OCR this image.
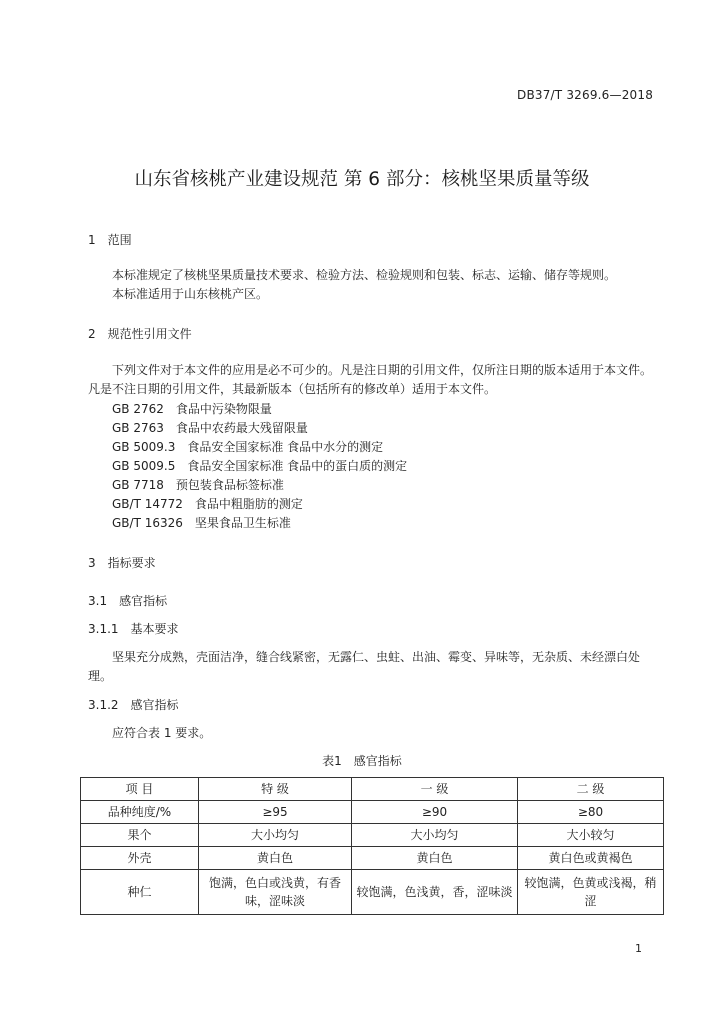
DB37/T 3269.6—2018
山东省核桃产业建设规范 第 6 部分：核桃坚果质量等级
1 范围
本标准规定了核桃坚果质量技术要求、检验方法、检验规则和包装、标志、运输、储存等规则。
本标准适用于山东核桃产区。
2 规范性引用文件
下列文件对于本文件的应用是必不可少的。凡是注日期的引用文件，仅所注日期的版本适用于本文件。凡是不注日期的引用文件，其最新版本（包括所有的修改单）适用于本文件。
GB 2762　 食品中污染物限量
GB 2763　 食品中农药最大残留限量
GB 5009.3　 食品安全国家标准 食品中水分的测定
GB 5009.5　 食品安全国家标准 食品中的蛋白质的测定
GB 7718　 预包装食品标签标准
GB/T 14772　 食品中粗脂肪的测定
GB/T 16326　 坚果食品卫生标准
3 指标要求
3.1 感官指标
3.1.1 基本要求
坚果充分成熟，壳面洁净，缝合线紧密，无露仁、虫蛀、出油、霉变、异味等，无杂质、未经漂白处理。
3.1.2 感官指标
应符合表 1 要求。
表1　感官指标
项 目	特 级	一 级	二 级
品种纯度/%	≥95	≥90	≥80
果个	大小均匀	大小均匀	大小较匀
外壳	黄白色	黄白色	黄白色或黄褐色
种仁	饱满，色白或浅黄，有香味，涩味淡	较饱满，色浅黄，香，涩味淡	较饱满，色黄或浅褐，稍涩
1
